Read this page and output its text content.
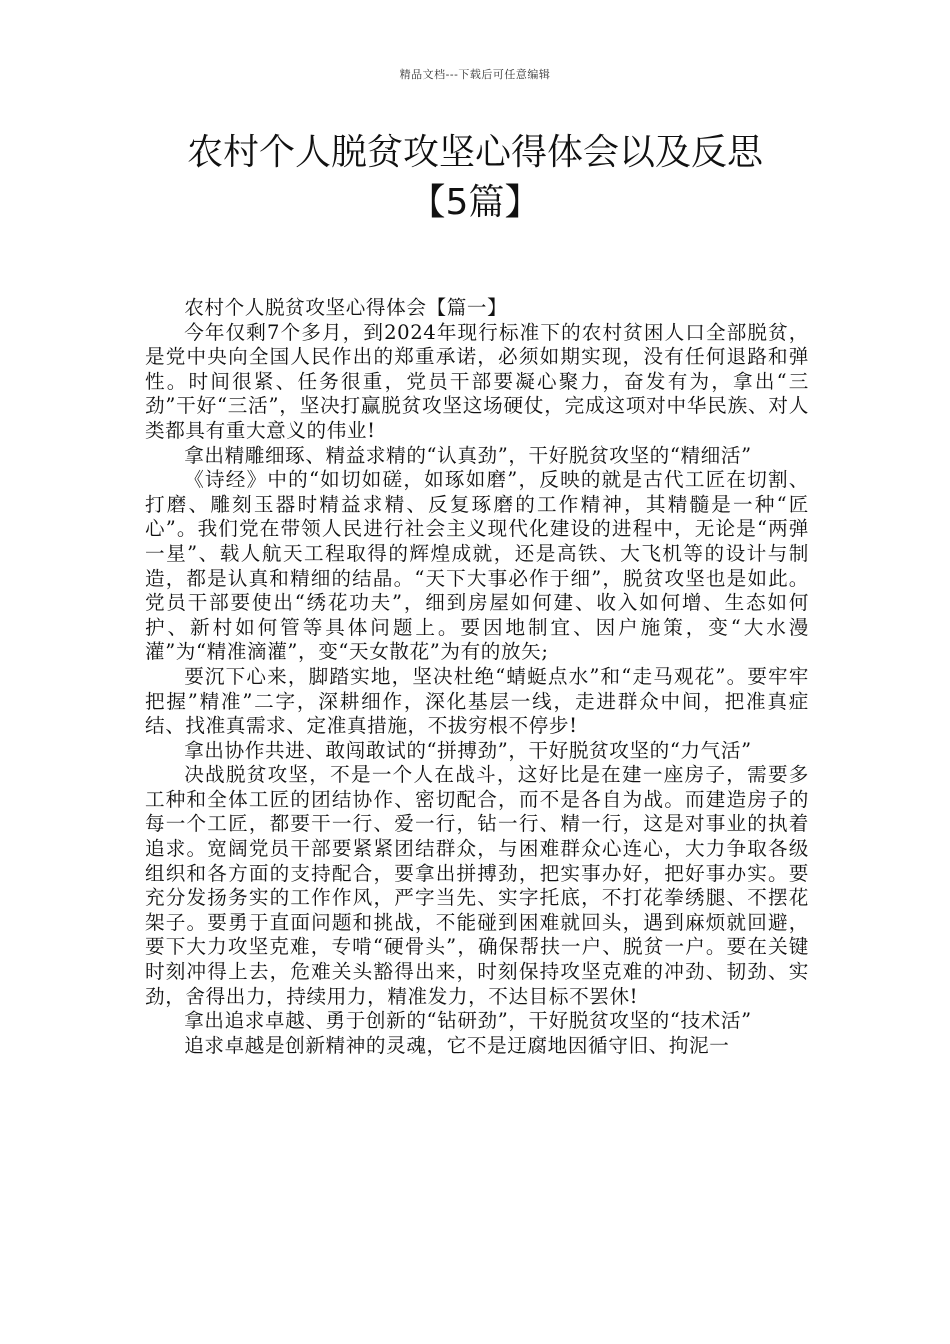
精品文档---下载后可任意编辑
农村个人脱贫攻坚心得体会以及反思
【5篇】

农村个人脱贫攻坚心得体会【篇一】

今年仅剩7个多月，到2024年现行标准下的农村贫困人口全部脱贫，是党中央向全国人民作出的郑重承诺，必须如期实现，没有任何退路和弹性。时间很紧、任务很重，党员干部要凝心聚力，奋发有为，拿出“三劲”干好“三活”，坚决打赢脱贫攻坚这场硬仗，完成这项对中华民族、对人类都具有重大意义的伟业!

拿出精雕细琢、精益求精的“认真劲”，干好脱贫攻坚的“精细活”

《诗经》中的“如切如磋，如琢如磨”，反映的就是古代工匠在切割、打磨、雕刻玉器时精益求精、反复琢磨的工作精神，其精髓是一种“匠心”。我们党在带领人民进行社会主义现代化建设的进程中，无论是“两弹一星”、载人航天工程取得的辉煌成就，还是高铁、大飞机等的设计与制造，都是认真和精细的结晶。“天下大事必作于细”，脱贫攻坚也是如此。党员干部要使出“绣花功夫”，细到房屋如何建、收入如何增、生态如何护、新村如何管等具体问题上。要因地制宜、因户施策，变“大水漫灌”为“精准滴灌”，变“天女散花”为有的放矢;

要沉下心来，脚踏实地，坚决杜绝“蜻蜓点水”和“走马观花”。要牢牢把握”精准”二字，深耕细作，深化基层一线，走进群众中间，把准真症结、找准真需求、定准真措施，不拔穷根不停步!

拿出协作共进、敢闯敢试的“拼搏劲”，干好脱贫攻坚的“力气活”

决战脱贫攻坚，不是一个人在战斗，这好比是在建一座房子，需要多工种和全体工匠的团结协作、密切配合，而不是各自为战。而建造房子的每一个工匠，都要干一行、爱一行，钻一行、精一行，这是对事业的执着追求。宽阔党员干部要紧紧团结群众，与困难群众心连心，大力争取各级组织和各方面的支持配合，要拿出拼搏劲，把实事办好，把好事办实。要充分发扬务实的工作作风，严字当先、实字托底，不打花拳绣腿、不摆花架子。要勇于直面问题和挑战，不能碰到困难就回头，遇到麻烦就回避，要下大力攻坚克难，专啃“硬骨头”，确保帮扶一户、脱贫一户。要在关键时刻冲得上去，危难关头豁得出来，时刻保持攻坚克难的冲劲、韧劲、实劲，舍得出力，持续用力，精准发力，不达目标不罢休!

拿出追求卓越、勇于创新的“钻研劲”，干好脱贫攻坚的“技术活”

追求卓越是创新精神的灵魂，它不是迂腐地因循守旧、拘泥一
